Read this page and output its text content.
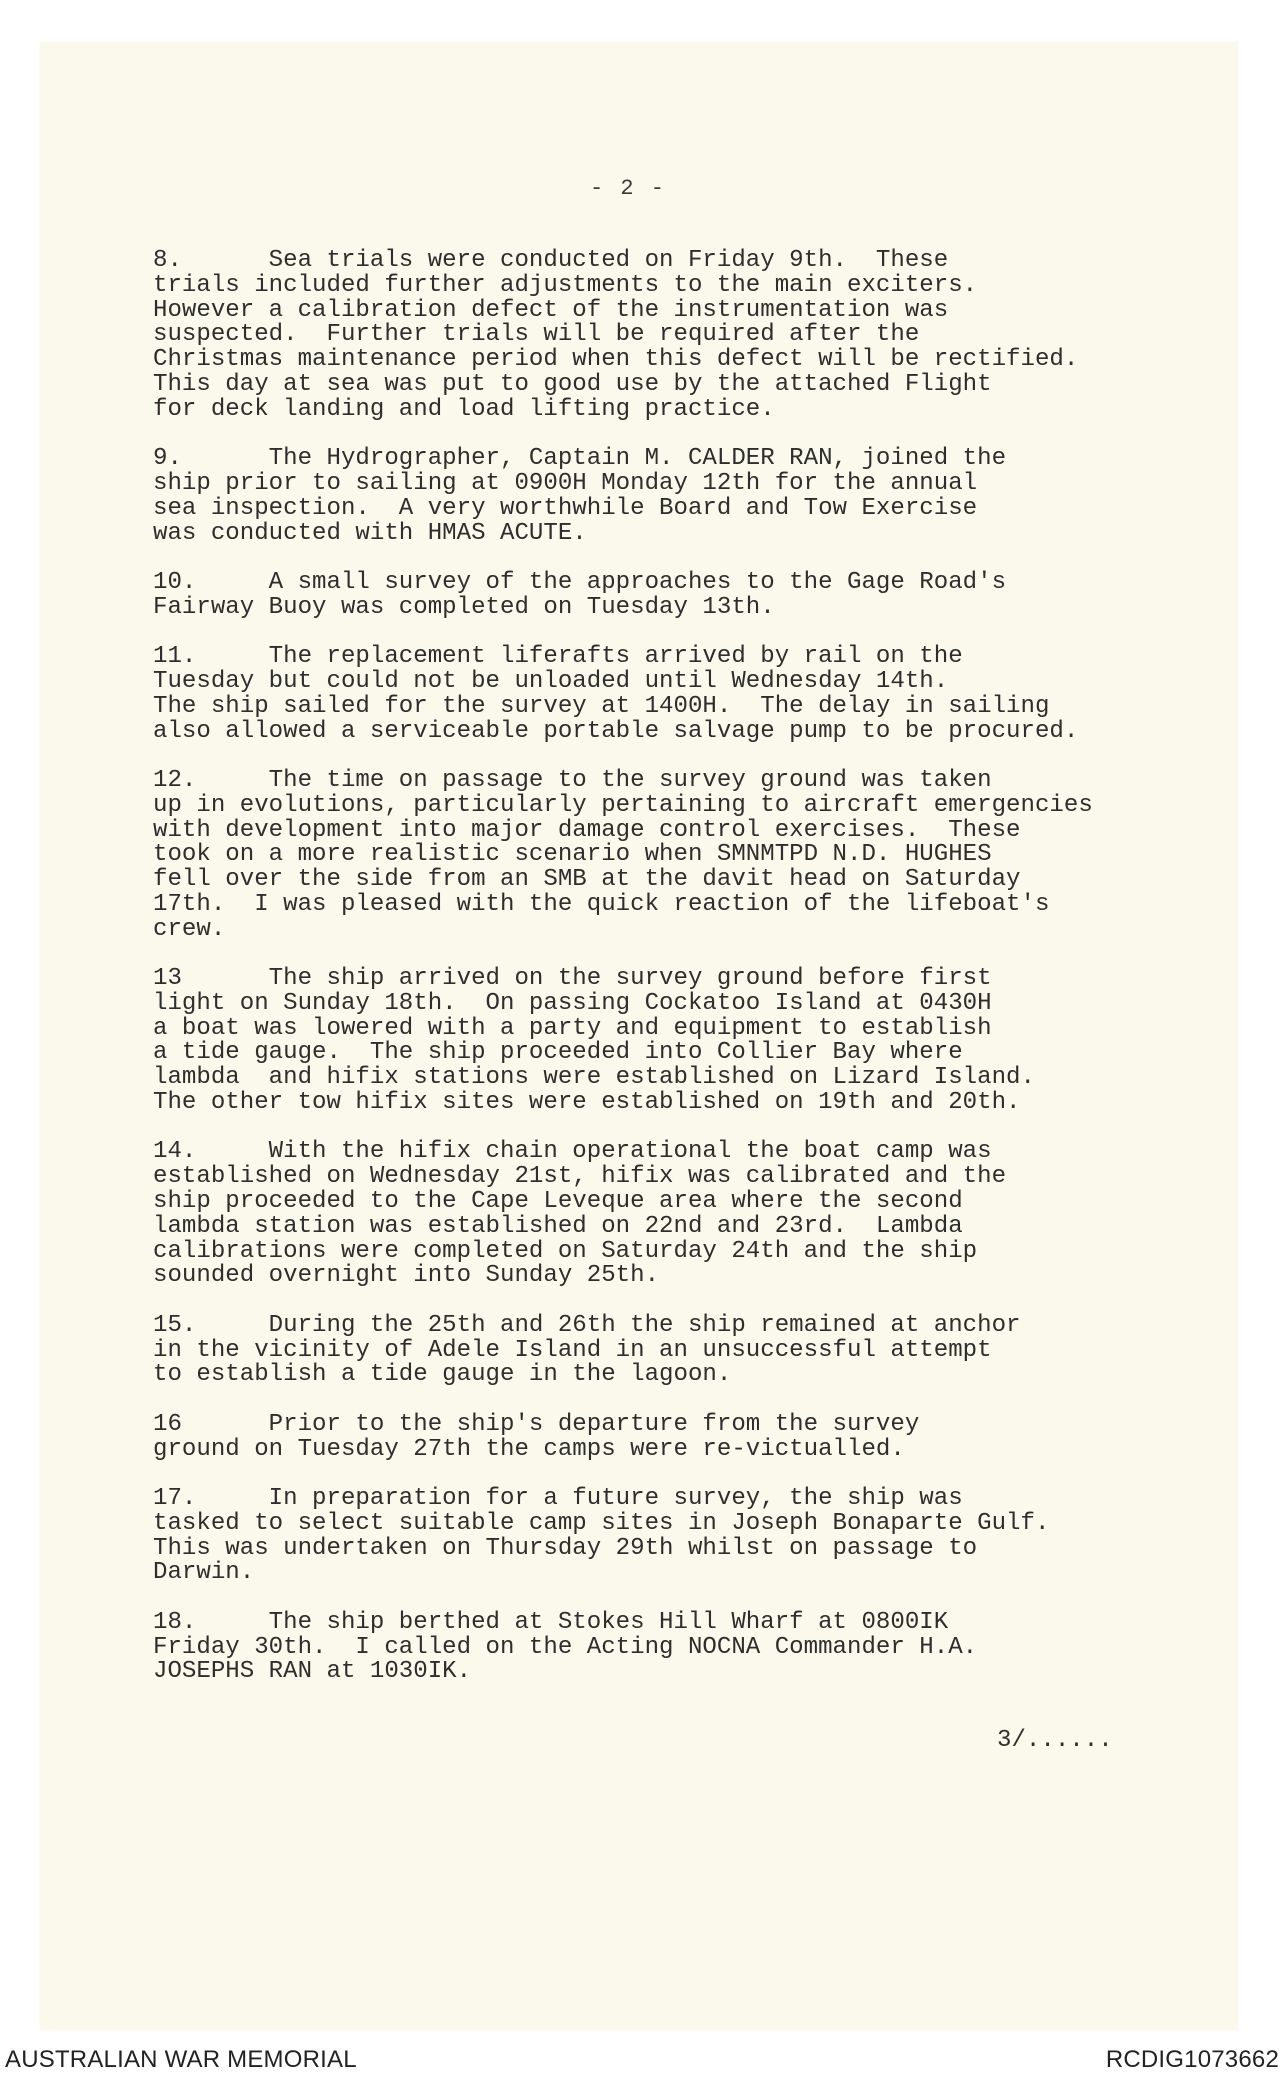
- 2 -
8.      Sea trials were conducted on Friday 9th.  These
trials included further adjustments to the main exciters.
However a calibration defect of the instrumentation was
suspected.  Further trials will be required after the
Christmas maintenance period when this defect will be rectified.
This day at sea was put to good use by the attached Flight
for deck landing and load lifting practice.
9.      The Hydrographer, Captain M. CALDER RAN, joined the
ship prior to sailing at 0900H Monday 12th for the annual
sea inspection.  A very worthwhile Board and Tow Exercise
was conducted with HMAS ACUTE.
10.     A small survey of the approaches to the Gage Road's
Fairway Buoy was completed on Tuesday 13th.
11.     The replacement liferafts arrived by rail on the
Tuesday but could not be unloaded until Wednesday 14th.
The ship sailed for the survey at 1400H.  The delay in sailing
also allowed a serviceable portable salvage pump to be procured.
12.     The time on passage to the survey ground was taken
up in evolutions, particularly pertaining to aircraft emergencies
with development into major damage control exercises.  These
took on a more realistic scenario when SMNMTPD N.D. HUGHES
fell over the side from an SMB at the davit head on Saturday
17th.  I was pleased with the quick reaction of the lifeboat's
crew.
13      The ship arrived on the survey ground before first
light on Sunday 18th.  On passing Cockatoo Island at 0430H
a boat was lowered with a party and equipment to establish
a tide gauge.  The ship proceeded into Collier Bay where
lambda  and hifix stations were established on Lizard Island.
The other tow hifix sites were established on 19th and 20th.
14.     With the hifix chain operational the boat camp was
established on Wednesday 21st, hifix was calibrated and the
ship proceeded to the Cape Leveque area where the second
lambda station was established on 22nd and 23rd.  Lambda
calibrations were completed on Saturday 24th and the ship
sounded overnight into Sunday 25th.
15.     During the 25th and 26th the ship remained at anchor
in the vicinity of Adele Island in an unsuccessful attempt
to establish a tide gauge in the lagoon.
16      Prior to the ship's departure from the survey
ground on Tuesday 27th the camps were re-victualled.
17.     In preparation for a future survey, the ship was
tasked to select suitable camp sites in Joseph Bonaparte Gulf.
This was undertaken on Thursday 29th whilst on passage to
Darwin.
18.     The ship berthed at Stokes Hill Wharf at 0800IK
Friday 30th.  I called on the Acting NOCNA Commander H.A.
JOSEPHS RAN at 1030IK.
3/......
AUSTRALIAN WAR MEMORIAL	RCDIG1073662
